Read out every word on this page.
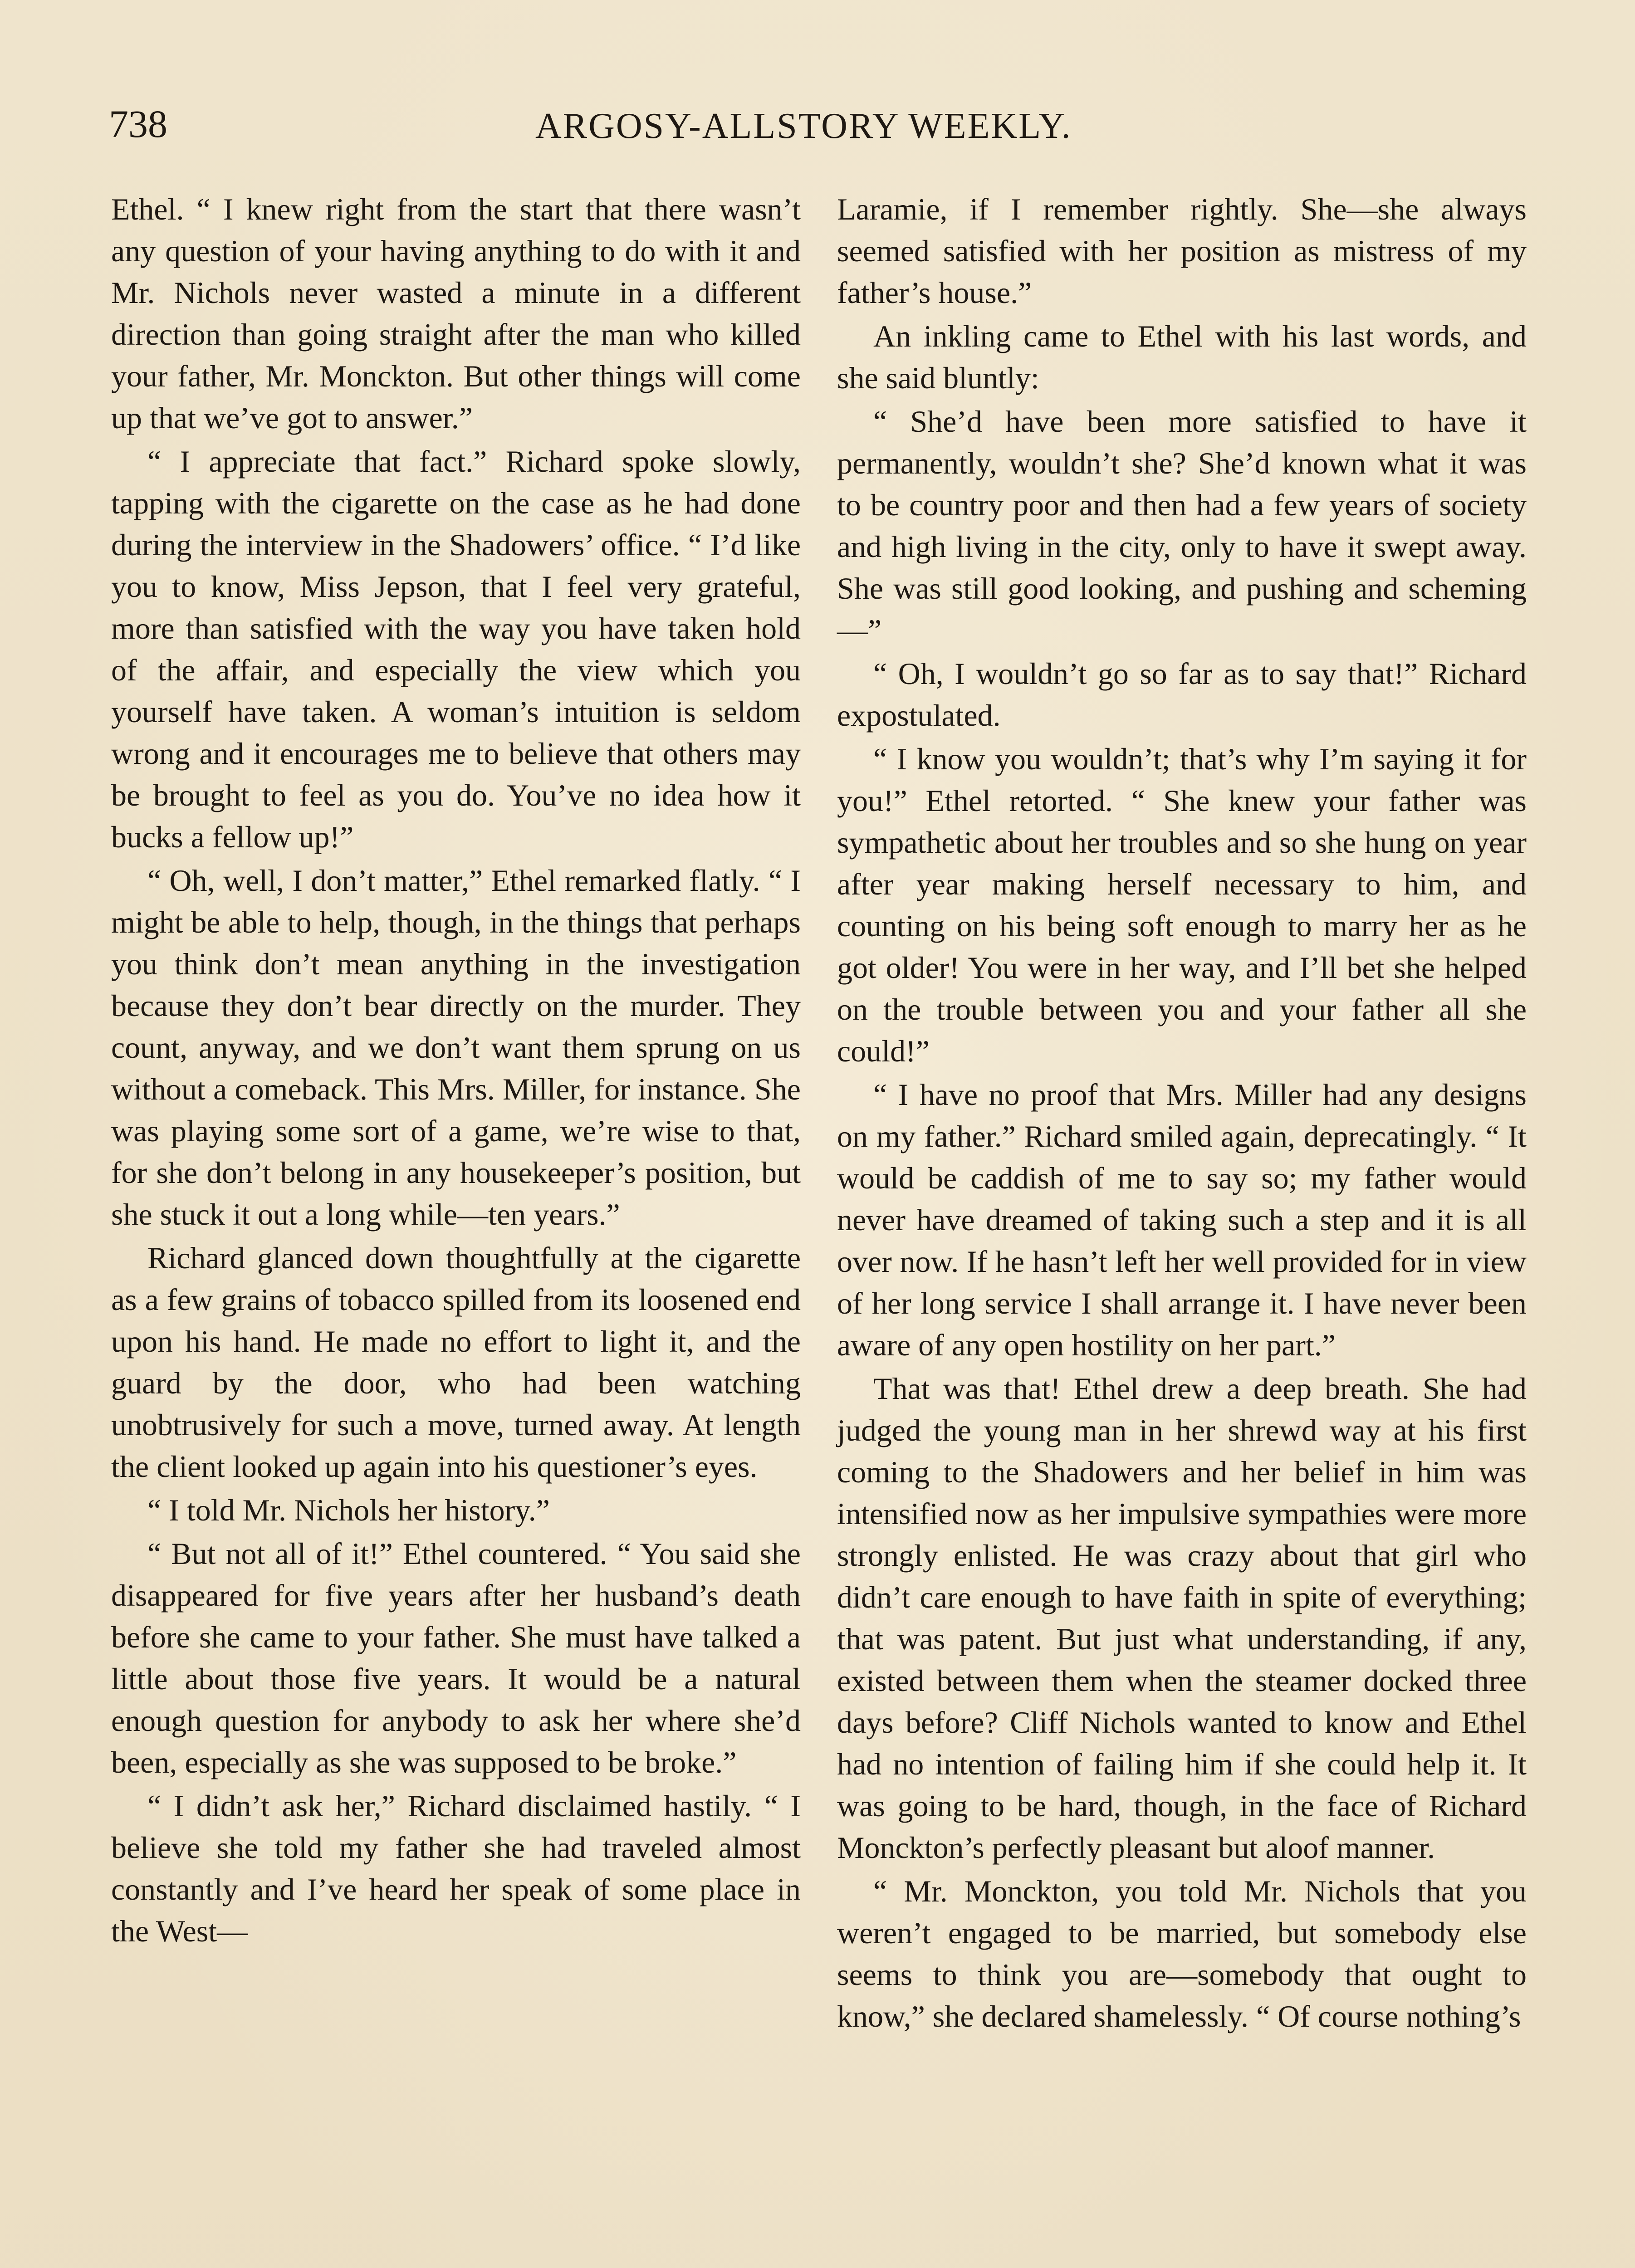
738	ARGOSY-ALLSTORY WEEKLY.

Ethel. “ I knew right from the start that there wasn’t any question of your having anything to do with it and Mr. Nichols never wasted a minute in a different direction than going straight after the man who killed your father, Mr. Monckton. But other things will come up that we’ve got to answer.”

“ I appreciate that fact.” Richard spoke slowly, tapping with the cigarette on the case as he had done during the interview in the Shadowers’ office. “ I’d like you to know, Miss Jepson, that I feel very grateful, more than satisfied with the way you have taken hold of the affair, and especially the view which you yourself have taken. A woman’s intuition is seldom wrong and it encourages me to believe that others may be brought to feel as you do. You’ve no idea how it bucks a fellow up!”

“ Oh, well, I don’t matter,” Ethel remarked flatly. “ I might be able to help, though, in the things that perhaps you think don’t mean anything in the investigation because they don’t bear directly on the murder. They count, anyway, and we don’t want them sprung on us without a comeback. This Mrs. Miller, for instance. She was playing some sort of a game, we’re wise to that, for she don’t belong in any housekeeper’s position, but she stuck it out a long while—ten years.”

Richard glanced down thoughtfully at the cigarette as a few grains of tobacco spilled from its loosened end upon his hand. He made no effort to light it, and the guard by the door, who had been watching unobtrusively for such a move, turned away. At length the client looked up again into his questioner’s eyes.

“ I told Mr. Nichols her history.”

“ But not all of it!” Ethel countered. “ You said she disappeared for five years after her husband’s death before she came to your father. She must have talked a little about those five years. It would be a natural enough question for anybody to ask her where she’d been, especially as she was supposed to be broke.”

“ I didn’t ask her,” Richard disclaimed hastily. “ I believe she told my father she had traveled almost constantly and I’ve heard her speak of some place in the West—

Laramie, if I remember rightly. She—she always seemed satisfied with her position as mistress of my father’s house.”

An inkling came to Ethel with his last words, and she said bluntly:

“ She’d have been more satisfied to have it permanently, wouldn’t she? She’d known what it was to be country poor and then had a few years of society and high living in the city, only to have it swept away. She was still good looking, and pushing and scheming—”

“ Oh, I wouldn’t go so far as to say that!” Richard expostulated.

“ I know you wouldn’t; that’s why I’m saying it for you!” Ethel retorted. “ She knew your father was sympathetic about her troubles and so she hung on year after year making herself necessary to him, and counting on his being soft enough to marry her as he got older! You were in her way, and I’ll bet she helped on the trouble between you and your father all she could!”

“ I have no proof that Mrs. Miller had any designs on my father.” Richard smiled again, deprecatingly. “ It would be caddish of me to say so; my father would never have dreamed of taking such a step and it is all over now. If he hasn’t left her well provided for in view of her long service I shall arrange it. I have never been aware of any open hostility on her part.”

That was that! Ethel drew a deep breath. She had judged the young man in her shrewd way at his first coming to the Shadowers and her belief in him was intensified now as her impulsive sympathies were more strongly enlisted. He was crazy about that girl who didn’t care enough to have faith in spite of everything; that was patent. But just what understanding, if any, existed between them when the steamer docked three days before? Cliff Nichols wanted to know and Ethel had no intention of failing him if she could help it. It was going to be hard, though, in the face of Richard Monckton’s perfectly pleasant but aloof manner.

“ Mr. Monckton, you told Mr. Nichols that you weren’t engaged to be married, but somebody else seems to think you are—somebody that ought to know,” she declared shamelessly. “ Of course nothing’s
